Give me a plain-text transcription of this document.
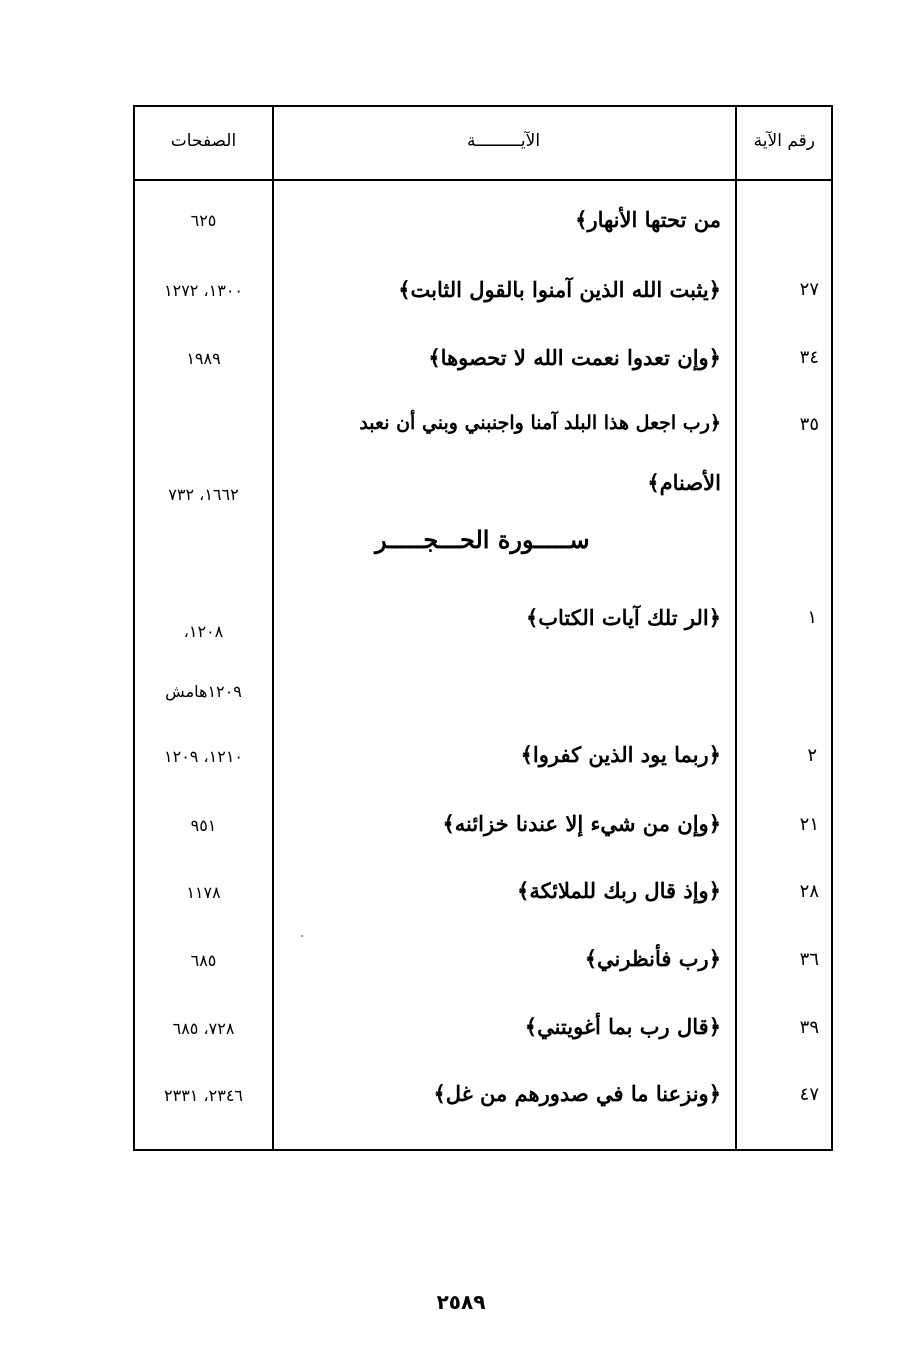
رقم الآية
الآيـــــــــة
الصفحات
من تحتها الأنهار﴾
٦٢٥
٢٧
﴿يثبت الله الذين آمنوا بالقول الثابت﴾
١٣٠٠، ١٢٧٢
٣٤
﴿وإن تعدوا نعمت الله لا تحصوها﴾
١٩٨٩
٣٥
﴿رب اجعل هذا البلد آمنا واجنبني وبني أن نعبد
الأصنام﴾
١٦٦٢، ٧٣٢
ســـــورة الحـــجـــــر
١
﴿الر تلك آيات الكتاب﴾
١٢٠٨،
١٢٠٩هامش
٢
﴿ربما يود الذين كفروا﴾
١٢١٠، ١٢٠٩
٢١
﴿وإن من شيء إلا عندنا خزائنه﴾
٩٥١
٢٨
﴿وإذ قال ربك للملائكة﴾
١١٧٨
٣٦
﴿رب فأنظرني﴾
٦٨٥
٣٩
﴿قال رب بما أغويتني﴾
٧٢٨، ٦٨٥
٤٧
﴿ونزعنا ما في صدورهم من غل﴾
٢٣٤٦، ٢٣٣١
٢٥٨٩
